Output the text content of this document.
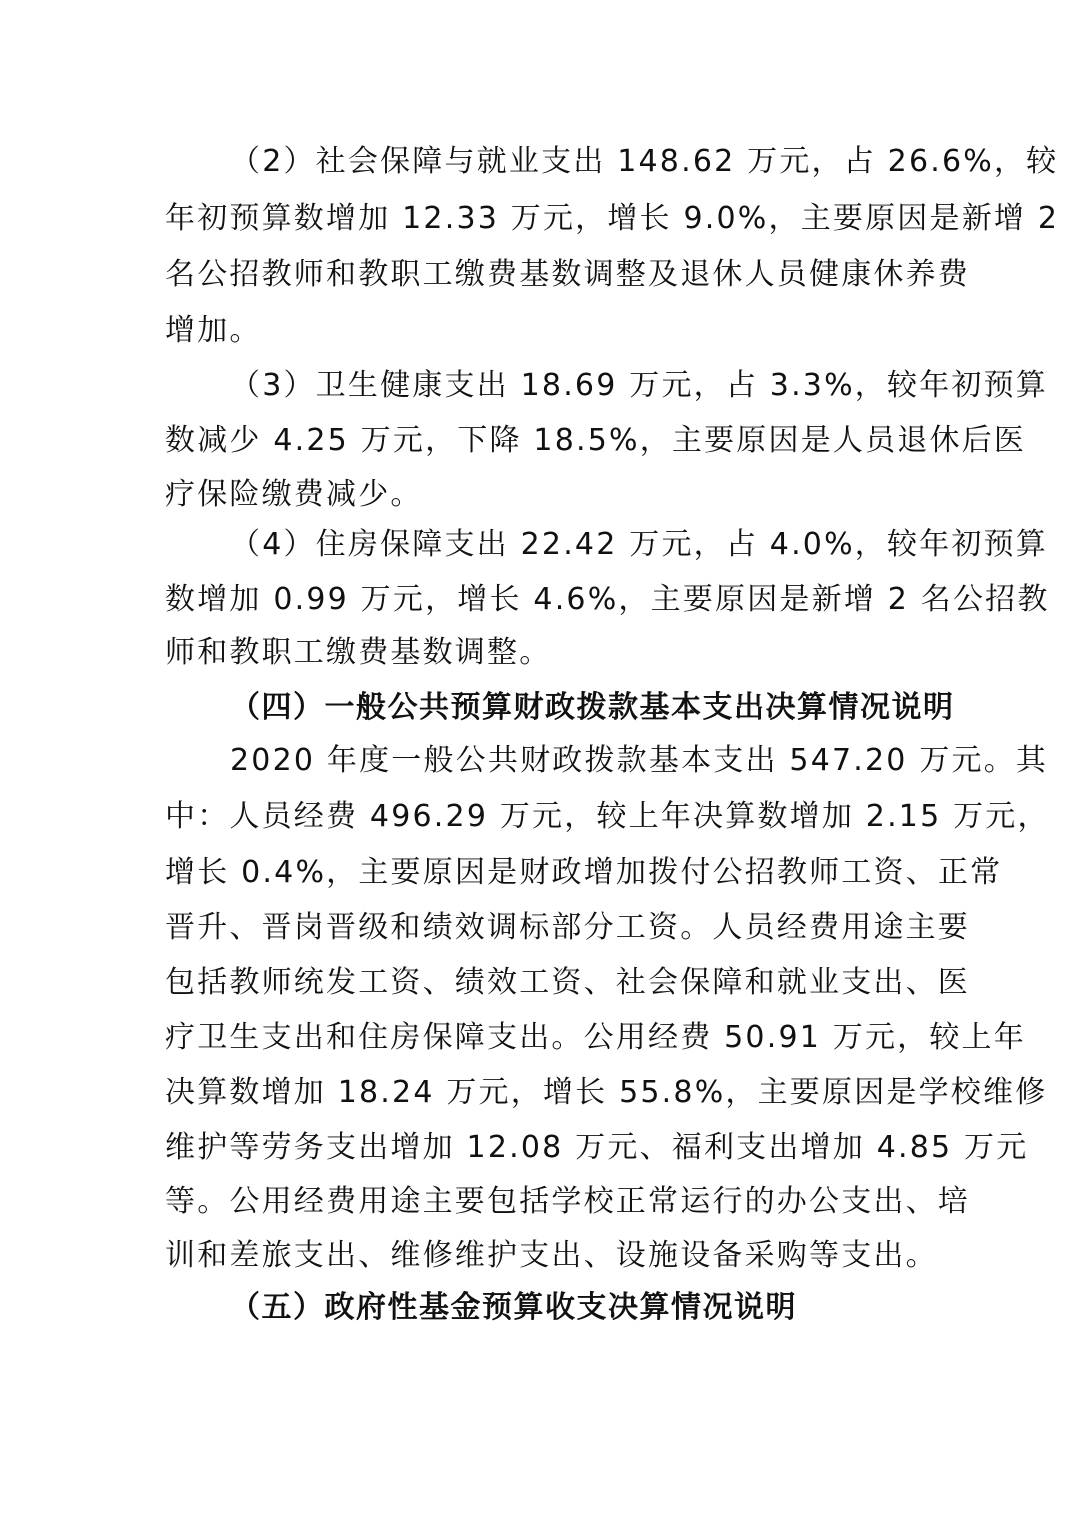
（2）社会保障与就业支出 148.62 万元，占 26.6%，较
年初预算数增加 12.33 万元，增长 9.0%，主要原因是新增 2
名公招教师和教职工缴费基数调整及退休人员健康休养费
增加。
（3）卫生健康支出 18.69 万元，占 3.3%，较年初预算
数减少 4.25 万元，下降 18.5%，主要原因是人员退休后医
疗保险缴费减少。
（4）住房保障支出 22.42 万元，占 4.0%，较年初预算
数增加 0.99 万元，增长 4.6%，主要原因是新增 2 名公招教
师和教职工缴费基数调整。
（四）一般公共预算财政拨款基本支出决算情况说明
2020 年度一般公共财政拨款基本支出 547.20 万元。其
中：人员经费 496.29 万元，较上年决算数增加 2.15 万元，
增长 0.4%，主要原因是财政增加拨付公招教师工资、正常
晋升、晋岗晋级和绩效调标部分工资。人员经费用途主要
包括教师统发工资、绩效工资、社会保障和就业支出、医
疗卫生支出和住房保障支出。公用经费 50.91 万元，较上年
决算数增加 18.24 万元，增长 55.8%，主要原因是学校维修
维护等劳务支出增加 12.08 万元、福利支出增加 4.85 万元
等。公用经费用途主要包括学校正常运行的办公支出、培
训和差旅支出、维修维护支出、设施设备采购等支出。
（五）政府性基金预算收支决算情况说明
